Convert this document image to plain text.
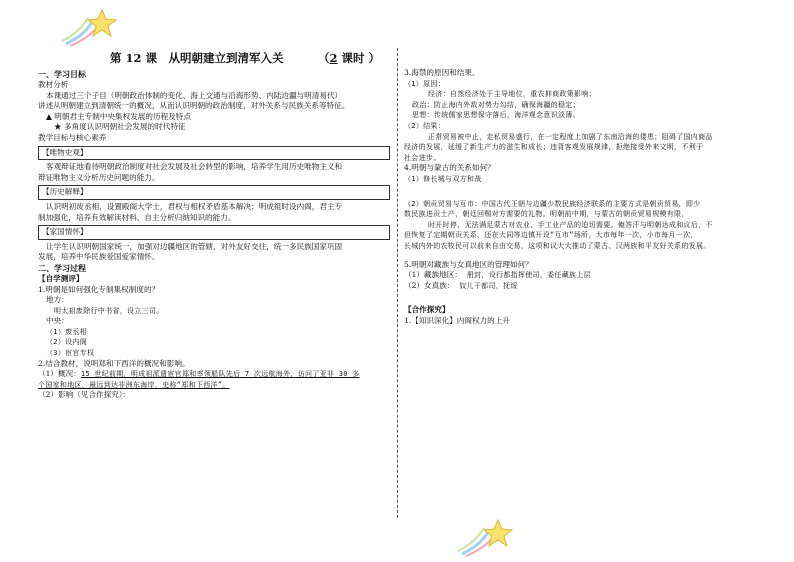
第 12 课　从明朝建立到清军入关	（2 课时 ）
一、学习目标
教材分析
本课通过三个子目（明朝政治体制的变化、海上交通与沿海形势、内陆边疆与明清易代）
讲述从明朝建立到清朝统一的概况，从而认识明朝的政治制度、对外关系与民族关系等特征。
▲ 明朝君主专制中央集权发展的历程及特点
★ 多角度认识明朝社会发展的时代特征
教学目标与核心素养
【唯物史观】
客观辩证地看待明朝政治制度对社会发展及社会转型的影响，培养学生用历史唯物主义和
辩证唯物主义分析历史问题的能力。
【历史解释】
认识明初废丞相，设置殿阁大学士，君权与相权矛盾基本解决；明成祖时设内阁，君主专
制加强化，培养有效解读材料、自主分析归纳知识的能力。
【家国情怀】
让学生认识明朝国家统一，加强对边疆地区的管辖，对外友好交往，统一多民族国家巩固
发展，培养中华民族爱国爱家情怀。
二、学习过程
【自学测评】
1.明朝是如何强化专制集权制度的？
地方：
明太祖废除行中书省，设立三司。
中央：
（1）废丞相
（2）设内阁
（3）宦官专权
2.结合教材，说明郑和下西洋的概况和影响。
（1）概况：15 世纪前期，明成祖派遣宦官郑和率领船队先后 7 次远航海外，访问了亚非 30 多
个国家和地区，最远到达非洲东海岸，史称“郑和下西洋”。
（2）影响（见合作探究）：
3.海禁的原因和结果。
（1）原因：
经济：自然经济处于主导地位，重农抑商政策影响；
政治：防止海内外敌对势力勾结，确保海疆的稳定；
思想：传统儒家思想保守落后，海洋观念意识淡薄。
（2）结果：
正常贸易被中止，走私贸易盛行，在一定程度上加剧了东南沿海的倭患；阻碍了国内商品
经济的发展，延缓了新生产力的滋生和成长；违背客观发展规律，拒绝接受外来文明，不利于
社会进步。
4.明朝与蒙古的关系如何？
（1）修长城与双方和战
（2）朝贡贸易与互市：中国古代王朝与边疆少数民族经济联系的主要方式是朝贡贸易，即少
数民族进贡土产，朝廷回赐对方需要的礼物。明朝前中期，与蒙古的朝贡贸易规模有限，
时开时停，无法满足蒙古对农业、手工业产品的迫切需要。俺答汗与明朝达成和议后，不
但恢复了定期朝贡关系，还在大同等边镇开设“互市”场所，大市每年一次，小市每月一次，
长城内外的农牧民可以前来自由交易，这项和议大大推动了蒙古、汉两族和平友好关系的发展。
5.明朝对藏族与女真地区的管理如何？
（1）藏族地区： 册封，设行都指挥使司，委任藏族上层
（2）女真族： 奴儿干都司，抚绥
【合作探究】
1.【知识深化】内阁权力的上升
